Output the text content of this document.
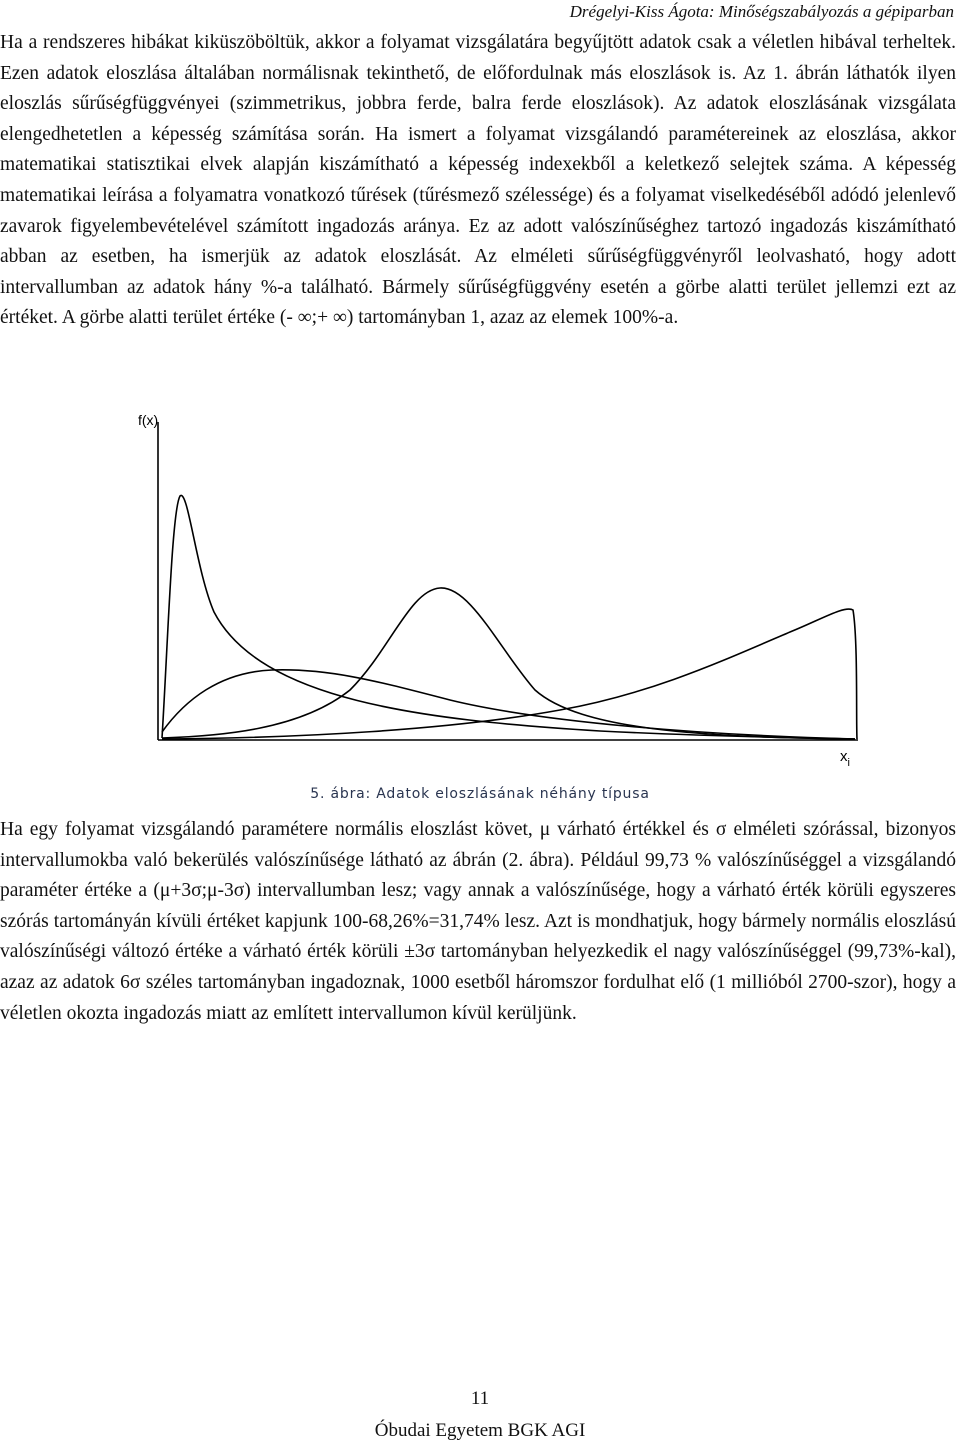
Drégelyi-Kiss Ágota: Minőségszabályozás a gépiparban

Ha a rendszeres hibákat kiküszöböltük, akkor a folyamat vizsgálatára begyűjtött adatok csak a véletlen hibával terheltek. Ezen adatok eloszlása általában normálisnak tekinthető, de előfordulnak más eloszlások is. Az 1. ábrán láthatók ilyen eloszlás sűrűségfüggvényei (szimmetrikus, jobbra ferde, balra ferde eloszlások). Az adatok eloszlásának vizsgálata elengedhetetlen a képesség számítása során. Ha ismert a folyamat vizsgálandó paramétereinek az eloszlása, akkor matematikai statisztikai elvek alapján kiszámítható a képesség indexekből a keletkező selejtek száma. A képesség matematikai leírása a folyamatra vonatkozó tűrések (tűrésmező szélessége) és a folyamat viselkedéséből adódó jelenlevő zavarok figyelembevételével számított ingadozás aránya. Ez az adott valószínűséghez tartozó ingadozás kiszámítható abban az esetben, ha ismerjük az adatok eloszlását. Az elméleti sűrűségfüggvényről leolvasható, hogy adott intervallumban az adatok hány %-a található. Bármely sűrűségfüggvény esetén a görbe alatti terület jellemzi ezt az értéket. A görbe alatti terület értéke (- ∞;+ ∞) tartományban 1, azaz az elemek 100%-a.

f(x)
$x_i$
5. ábra: Adatok eloszlásának néhány típusa

Ha egy folyamat vizsgálandó paramétere normális eloszlást követ, μ várható értékkel és σ elméleti szórással, bizonyos intervallumokba való bekerülés valószínűsége látható az ábrán (2. ábra). Például 99,73 % valószínűséggel a vizsgálandó paraméter értéke a (μ+3σ;μ-3σ) intervallumban lesz; vagy annak a valószínűsége, hogy a várható érték körüli egyszeres szórás tartományán kívüli értéket kapjunk 100-68,26%=31,74% lesz. Azt is mondhatjuk, hogy bármely normális eloszlású valószínűségi változó értéke a várható érték körüli ±3σ tartományban helyezkedik el nagy valószínűséggel (99,73%-kal), azaz az adatok 6σ széles tartományban ingadoznak, 1000 esetből háromszor fordulhat elő (1 millióból 2700-szor), hogy a véletlen okozta ingadozás miatt az említett intervallumon kívül kerüljünk.

11
Óbudai Egyetem BGK AGI
